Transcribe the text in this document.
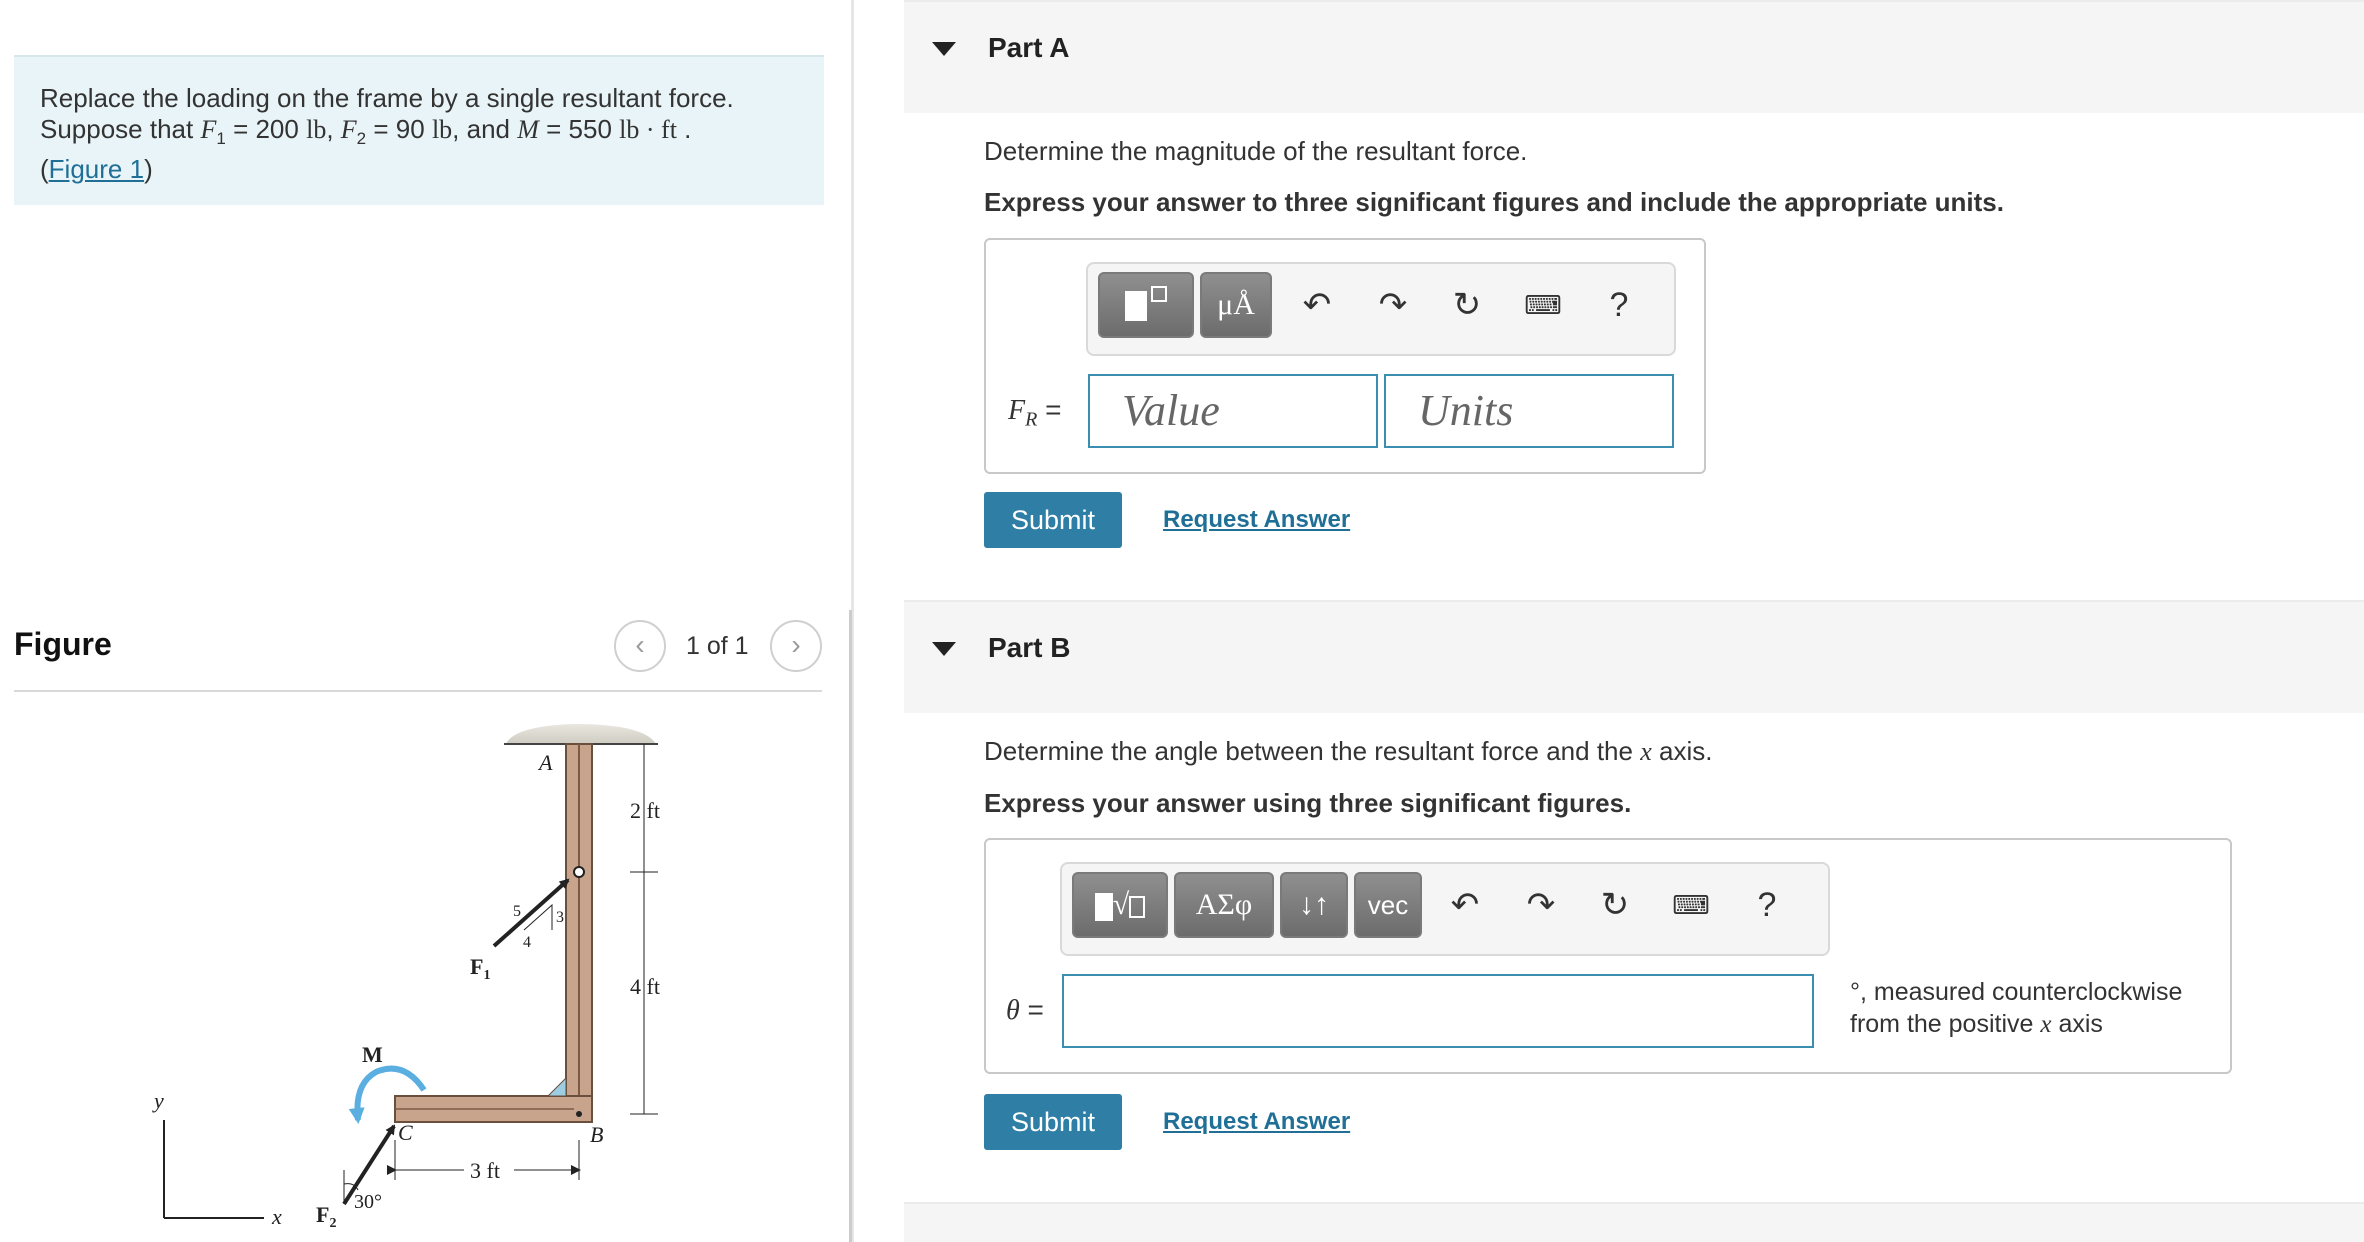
Replace the loading on the frame by a single resultant force.
Suppose that $F_1 = 200$ lb, $F_2 = 90$ lb, and M = 550 lb · ft .
(Figure 1)
Figure	‹	1 of 1	›
A
B
C
2 ft
4 ft
3 ft
5
4
3
$F_1$
30°
$F_2$
M
y
x
Part A
Determine the magnitude of the resultant force.
Express your answer to three significant figures and include the appropriate units.
μÅ	↶ ↷ ↻	⌨	?
$F_R$ =	Value	Units
Submit	Request Answer
Part B
Determine the angle between the resultant force and the x axis.
Express your answer using three significant figures.
√	ΑΣφ	↓↑	vec	↶ ↷ ↻	⌨	?
θ =
°, measured counterclockwise
from the positive x axis
Submit	Request Answer
